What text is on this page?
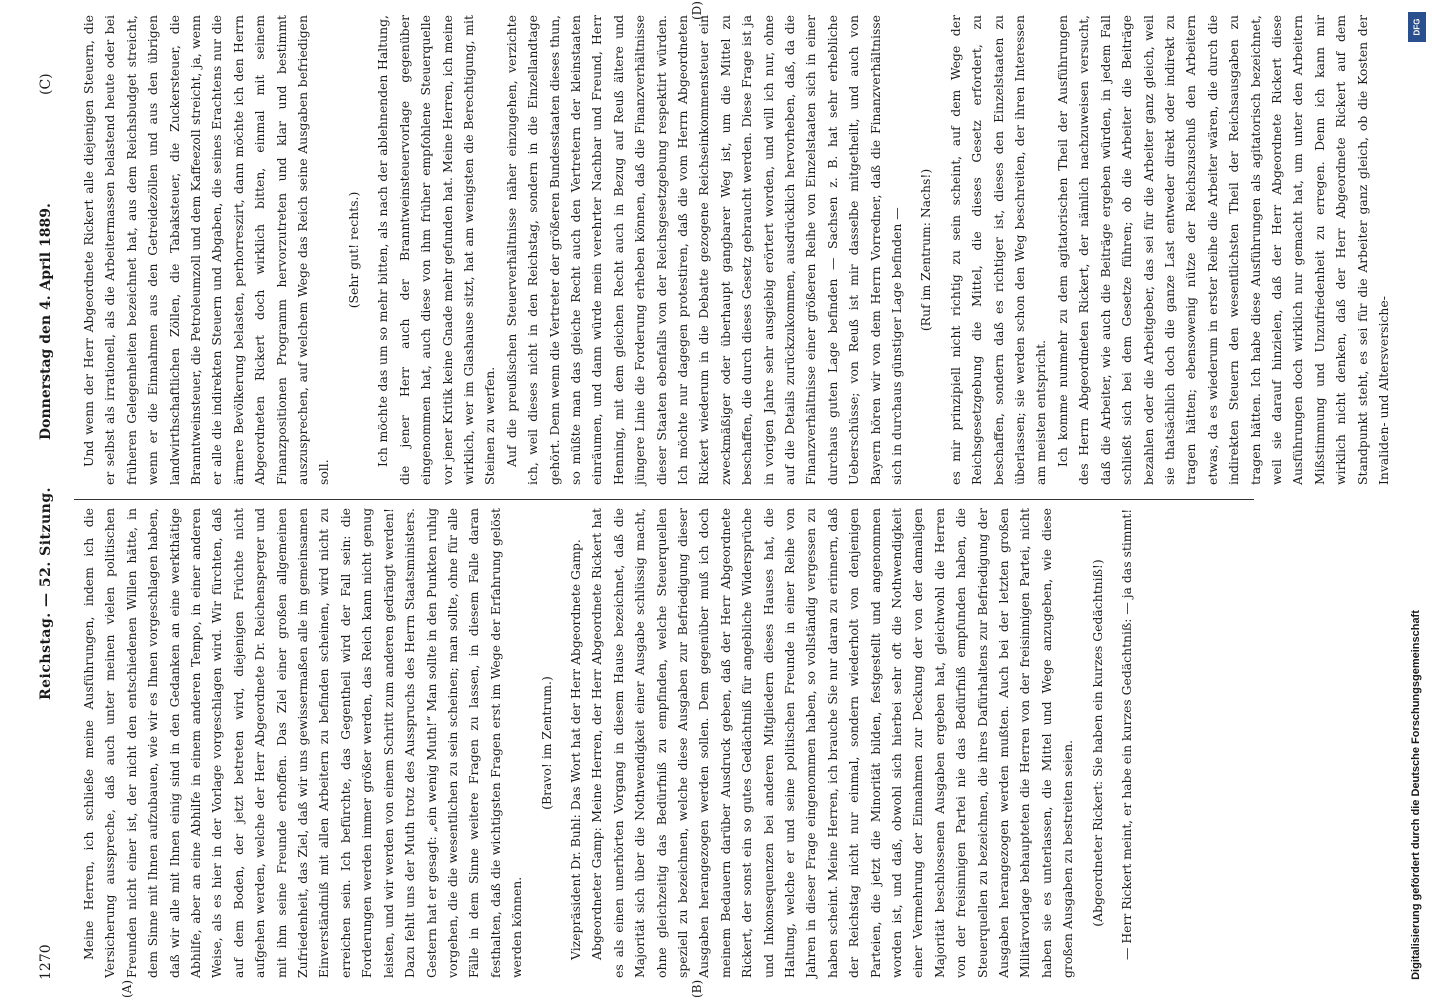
1270
Reichstag. — 52. Sitzung.
Donnerstag den 4. April 1889.
(C)
(A)	(B)
(D)

Meine Herren, ich schließe meine Ausführungen, indem ich die Versicherung ausspreche, daß auch unter meinen vielen politischen Freunden nicht einer ist, der nicht den entschiedenen Willen hätte, in dem Sinne mit Ihnen aufzubauen, wie wir es Ihnen vorgeschlagen haben, daß wir alle mit Ihnen einig sind in den Gedanken an eine werkthätige Abhilfe, aber an eine Abhilfe in einem anderen Tempo, in einer anderen Weise, als es hier in der Vorlage vorgeschlagen wird. Wir fürchten, daß auf dem Boden, der jetzt betreten wird, diejenigen Früchte nicht aufgehen werden, welche der Herr Abgeordnete Dr. Reichensperger und mit ihm seine Freunde erhoffen. Das Ziel einer großen allgemeinen Zufriedenheit, das Ziel, daß wir uns gewissermaßen alle im gemeinsamen Einverständniß mit allen Arbeitern zu befinden scheinen, wird nicht zu erreichen sein. Ich befürchte, das Gegentheil wird der Fall sein: die Forderungen werden immer größer werden, das Reich kann nicht genug leisten, und wir werden von einem Schritt zum anderen gedrängt werden! Dazu fehlt uns der Muth trotz des Ausspruchs des Herrn Staatsministers. Gestern hat er gesagt: „ein wenig Muth!“ Man sollte in den Punkten ruhig vorgehen, die die wesentlichen zu sein scheinen; man sollte, ohne für alle Fälle in dem Sinne weitere Fragen zu lassen, in diesem Falle daran festhalten, daß die wichtigsten Fragen erst im Wege der Erfahrung gelöst werden können.

(Bravo! im Zentrum.) Vizepräsident Dr. Buhl: Das Wort hat der Herr Abgeordnete Gamp. Abgeordneter Gamp: Meine Herren, der Herr Abgeordnete Rickert hat es als einen unerhörten Vorgang in diesem Hause bezeichnet, daß die Majorität sich über die Nothwendigkeit einer Ausgabe schlüssig macht, ohne gleichzeitig das Bedürfniß zu empfinden, welche Steuerquellen speziell zu bezeichnen, welche diese Ausgaben zur Befriedigung dieser Ausgaben herangezogen werden sollen. Dem gegenüber muß ich doch meinem Bedauern darüber Ausdruck geben, daß der Herr Abgeordnete Rickert, der sonst ein so gutes Gedächtniß für angebliche Widersprüche und Inkonsequenzen bei anderen Mitgliedern dieses Hauses hat, die Haltung, welche er und seine politischen Freunde in einer Reihe von Jahren in dieser Frage eingenommen haben, so vollständig vergessen zu haben scheint. Meine Herren, ich brauche Sie nur daran zu erinnern, daß der Reichstag nicht nur einmal, sondern wiederholt von denjenigen Parteien, die jetzt die Minorität bilden, festgestellt und angenommen worden ist, und daß, obwohl sich hierbei sehr oft die Nothwendigkeit einer Vermehrung der Einnahmen zur Deckung der von der damaligen Majorität beschlossenen Ausgaben ergeben hat, gleichwohl die Herren von der freisinnigen Partei nie das Bedürfniß empfunden haben, die Steuerquellen zu bezeichnen, die ihres Dafürhaltens zur Befriedigung der Ausgaben herangezogen werden mußten. Auch bei der letzten großen Militärvorlage behaupteten die Herren von der freisinnigen Partei, nicht haben sie es unterlassen, die Mittel und Wege anzugeben, wie diese großen Ausgaben zu bestreiten seien. (Abgeordneter Rickert: Sie haben ein kurzes Gedächtniß!) — Herr Rickert meint, er habe ein kurzes Gedächtniß: — ja das stimmt!

Und wenn der Herr Abgeordnete Rickert alle diejenigen Steuern, die er selbst als irrationell, als die Arbeitermassen belastend heute oder bei früheren Gelegenheiten bezeichnet hat, aus dem Reichsbudget streicht, wenn er die Einnahmen aus den Getreidezöllen und aus den übrigen landwirthschaftlichen Zöllen, die Tabaksteuer, die Zuckersteuer, die Branntweinsteuer, die Petroleumzoll und dem Kaffeezoll streicht, ja, wenn er alle die indirekten Steuern und Abgaben, die seines Erachtens nur die ärmere Bevölkerung belasten, perhorreszirt, dann möchte ich den Herrn Abgeordneten Rickert doch wirklich bitten, einmal mit seinem Finanzpositionen Programm hervorzutreten und klar und bestimmt auszusprechen, auf welchem Wege das Reich seine Ausgaben befriedigen soll.

(Sehr gut! rechts.) Ich möchte das um so mehr bitten, als nach der ablehnenden Haltung, die jener Herr auch der Branntweinsteuervorlage gegenüber eingenommen hat, auch diese von ihm früher empfohlene Steuerquelle vor jener Kritik keine Gnade mehr gefunden hat. Meine Herren, ich meine wirklich, wer im Glashause sitzt, hat am wenigsten die Berechtigung, mit Steinen zu werfen. Auf die preußischen Steuerverhältnisse näher einzugehen, verzichte ich, weil dieses nicht in den Reichstag, sondern in die Einzellandtage gehört. Denn wenn die Vertreter der größeren Bundesstaaten dieses thun, so müßte man das gleiche Recht auch den Vertretern der kleinstaaten einräumen, und dann würde mein verehrter Nachbar und Freund, Herr Henning, mit dem gleichen Recht auch in Bezug auf Reuß ältere und jüngere Linie die Forderung erheben können, daß die Finanzverhältnisse dieser Staaten ebenfalls von der Reichsgesetzgebung respektirt würden. Ich möchte nur dagegen protestiren, daß die vom Herrn Abgeordneten Rickert wiederum in die Debatte gezogene Reichseinkommensteuer ein zweckmäßiger oder überhaupt gangbarer Weg ist, um die Mittel zu beschaffen, die durch dieses Gesetz gebraucht werden. Diese Frage ist ja in vorigen Jahre sehr ausgiebig erörtert worden, und will ich nur, ohne auf die Details zurückzukommen, ausdrücklich hervorheben, daß, da die Finanzverhältnisse einer größeren Reihe von Einzelstaaten sich in einer durchaus guten Lage befinden — Sachsen z. B. hat sehr erhebliche Ueberschüsse; von Reuß ist mir dasselbe mitgetheilt, und auch von Bayern hören wir von dem Herrn Vorredner, daß die Finanzverhältnisse sich in durchaus günstiger Lage befinden — (Ruf im Zentrum: Nachs!) es mir prinzipiell nicht richtig zu sein scheint, auf dem Wege der Reichsgesetzgebung die Mittel, die dieses Gesetz erfordert, zu beschaffen, sondern daß es richtiger ist, dieses den Einzelstaaten zu überlassen; sie werden schon den Weg beschreiten, der ihren Interessen am meisten entspricht. Ich komme nunmehr zu dem agitatorischen Theil der Ausführungen des Herrn Abgeordneten Rickert, der nämlich nachzuweisen versucht, daß die Arbeiter, wie auch die Beiträge ergeben würden, in jedem Fall schließt sich bei dem Gesetze führen; ob die Arbeiter die Beiträge bezahlen oder die Arbeitgeber, das sei für die Arbeiter ganz gleich, weil sie thatsächlich doch die ganze Last entweder direkt oder indirekt zu tragen hätten; ebensowenig nütze der Reichszuschuß den Arbeitern etwas, da es wiederum in erster Reihe die Arbeiter wären, die durch die indirekten Steuern den wesentlichsten Theil der Reichsausgaben zu tragen hätten. Ich habe diese Ausführungen als agitatorisch bezeichnet, weil sie darauf hinzielen, daß der Herr Abgeordnete Rickert diese Ausführungen doch wirklich nur gemacht hat, um unter den Arbeitern Mißstimmung und Unzufriedenheit zu erregen. Denn ich kann mir wirklich nicht denken, daß der Herr Abgeordnete Rickert auf dem Standpunkt steht, es sei für die Arbeiter ganz gleich, ob die Kosten der Invaliden- und Altersversiche-

Digitalisierung gefördert durch die Deutsche Forschungsgemeinschaft
DFG
